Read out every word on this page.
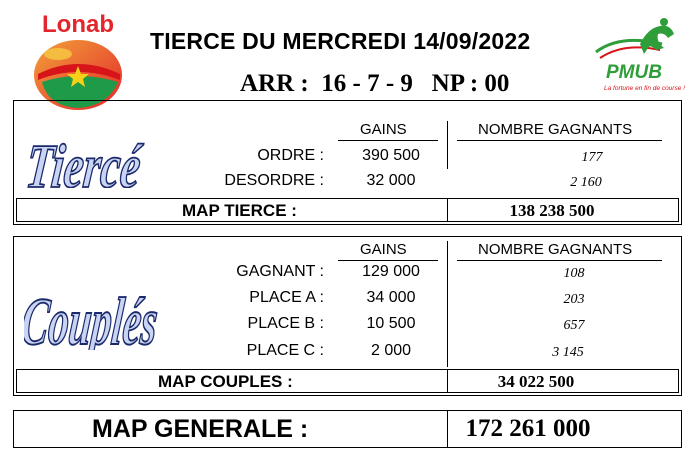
Lonab
PMUB
La fortune en fin de course !
TIERCE DU MERCREDI 14/09/2022
ARR :  16 - 7 - 9   NP : 00
Tiercé
GAINS	NOMBRE GAGNANTS
ORDRE :	390 500	177
DESORDRE :	32 000	2 160
MAP TIERCE :	138 238 500
Couplés
GAINS	NOMBRE GAGNANTS
GAGNANT :	129 000	108
PLACE A :	34 000	203
PLACE B :	10 500	657
PLACE C :	2 000	3 145
MAP COUPLES :	34 022 500
MAP GENERALE :	172 261 000
